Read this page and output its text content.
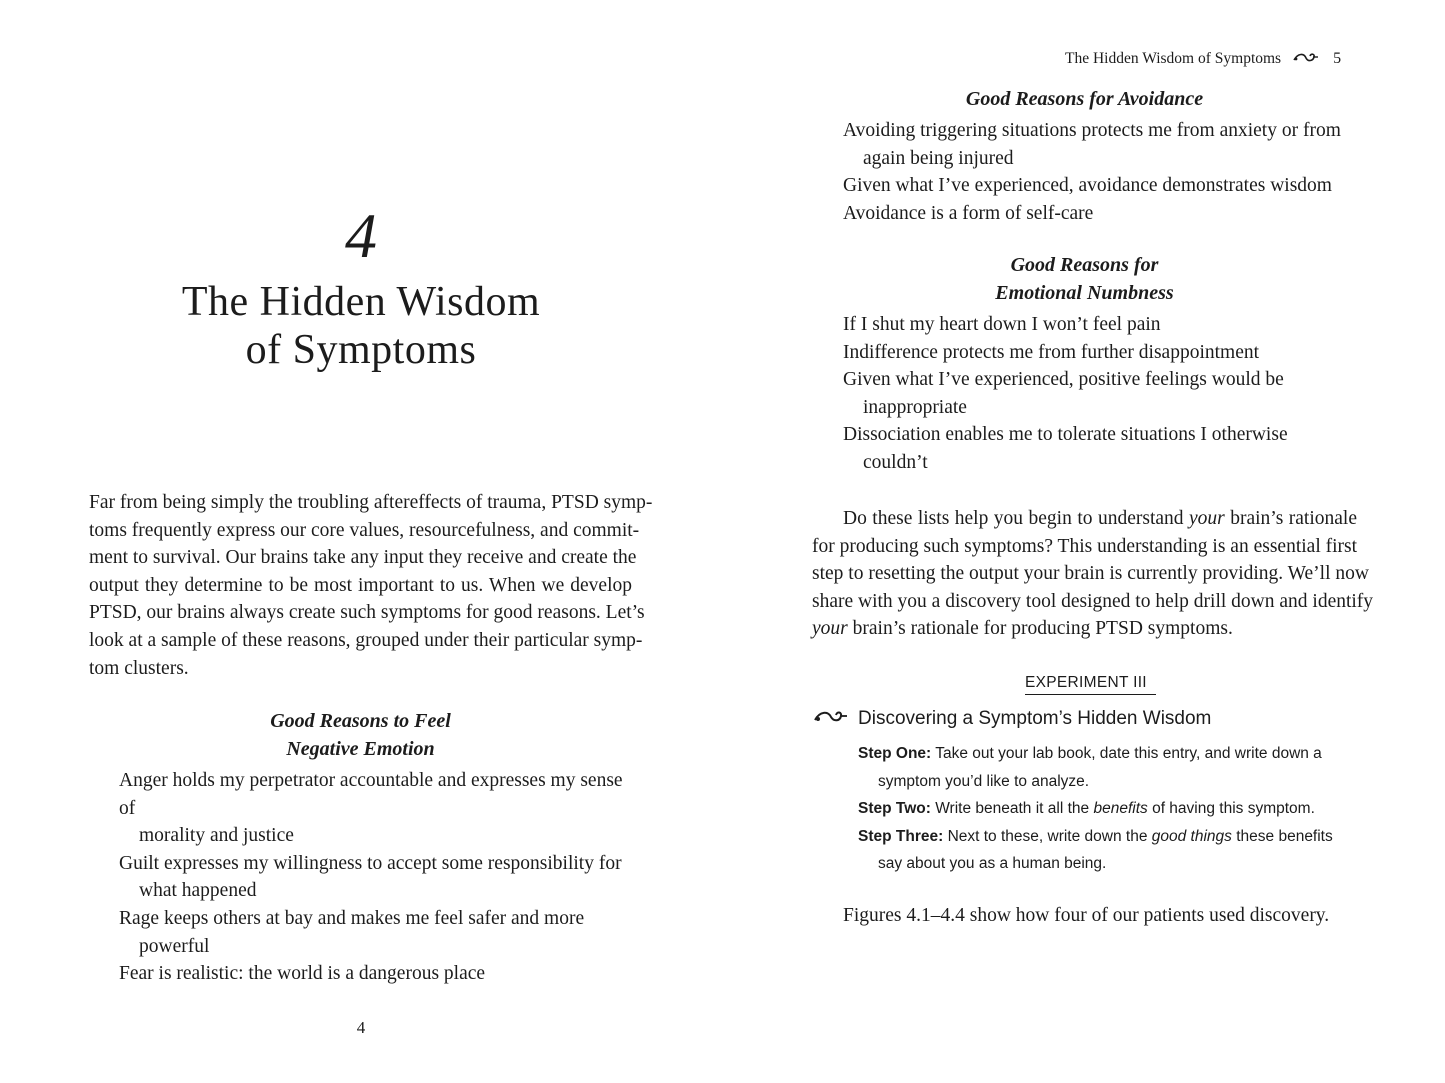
4
The Hidden Wisdom
of Symptoms
Far from being simply the troubling aftereffects of trauma, PTSD symp-
toms frequently express our core values, resourcefulness, and commit-
ment to survival. Our brains take any input they receive and create the
output they determine to be most important to us. When we develop
PTSD, our brains always create such symptoms for good reasons. Let’s
look at a sample of these reasons, grouped under their particular symp-
tom clusters.
Good Reasons to Feel
Negative Emotion
Anger holds my perpetrator accountable and expresses my sense of
morality and justice
Guilt expresses my willingness to accept some responsibility for
what happened
Rage keeps others at bay and makes me feel safer and more
powerful
Fear is realistic: the world is a dangerous place
4
The Hidden Wisdom of Symptoms	5
Good Reasons for Avoidance
Avoiding triggering situations protects me from anxiety or from
again being injured
Given what I’ve experienced, avoidance demonstrates wisdom
Avoidance is a form of self-care
Good Reasons for
Emotional Numbness
If I shut my heart down I won’t feel pain
Indifference protects me from further disappointment
Given what I’ve experienced, positive feelings would be
inappropriate
Dissociation enables me to tolerate situations I otherwise
couldn’t
Do these lists help you begin to understand your brain’s rationale
for producing such symptoms? This understanding is an essential first
step to resetting the output your brain is currently providing. We’ll now
share with you a discovery tool designed to help drill down and identify
your brain’s rationale for producing PTSD symptoms.
EXPERIMENT III
Discovering a Symptom’s Hidden Wisdom
Step One: Take out your lab book, date this entry, and write down a
symptom you’d like to analyze.
Step Two: Write beneath it all the benefits of having this symptom.
Step Three: Next to these, write down the good things these benefits
say about you as a human being.
Figures 4.1–4.4 show how four of our patients used discovery.
